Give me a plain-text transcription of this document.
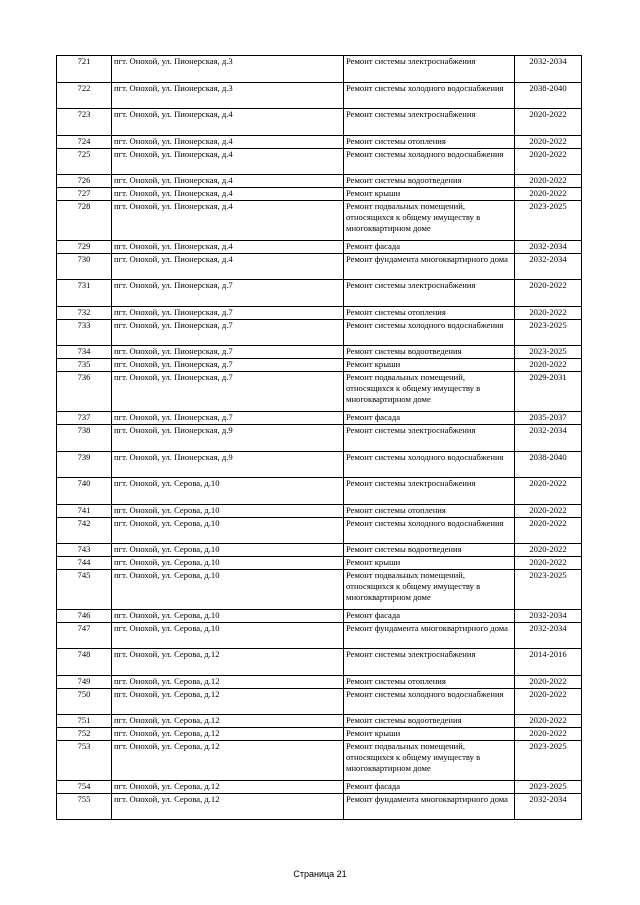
721	пгт. Онохой, ул. Пионерская, д.3	Ремонт системы электроснабжения	2032-2034
722	пгт. Онохой, ул. Пионерская, д.3	Ремонт системы холодного водоснабжения	2038-2040
723	пгт. Онохой, ул. Пионерская, д.4	Ремонт системы электроснабжения	2020-2022
724	пгт. Онохой, ул. Пионерская, д.4	Ремонт системы отопления	2020-2022
725	пгт. Онохой, ул. Пионерская, д.4	Ремонт системы холодного водоснабжения	2020-2022
726	пгт. Онохой, ул. Пионерская, д.4	Ремонт системы водоотведения	2020-2022
727	пгт. Онохой, ул. Пионерская, д.4	Ремонт крыши	2020-2022
728	пгт. Онохой, ул. Пионерская, д.4	Ремонт подвальных помещений, относящихся к общему имуществу в многоквартирном доме	2023-2025
729	пгт. Онохой, ул. Пионерская, д.4	Ремонт фасада	2032-2034
730	пгт. Онохой, ул. Пионерская, д.4	Ремонт фундамента многоквартирного дома	2032-2034
731	пгт. Онохой, ул. Пионерская, д.7	Ремонт системы электроснабжения	2020-2022
732	пгт. Онохой, ул. Пионерская, д.7	Ремонт системы отопления	2020-2022
733	пгт. Онохой, ул. Пионерская, д.7	Ремонт системы холодного водоснабжения	2023-2025
734	пгт. Онохой, ул. Пионерская, д.7	Ремонт системы водоотведения	2023-2025
735	пгт. Онохой, ул. Пионерская, д.7	Ремонт крыши	2020-2022
736	пгт. Онохой, ул. Пионерская, д.7	Ремонт подвальных помещений, относящихся к общему имуществу в многоквартирном доме	2029-2031
737	пгт. Онохой, ул. Пионерская, д.7	Ремонт фасада	2035-2037
738	пгт. Онохой, ул. Пионерская, д.9	Ремонт системы электроснабжения	2032-2034
739	пгт. Онохой, ул. Пионерская, д.9	Ремонт системы холодного водоснабжения	2038-2040
740	пгт. Онохой, ул. Серова, д.10	Ремонт системы электроснабжения	2020-2022
741	пгт. Онохой, ул. Серова, д.10	Ремонт системы отопления	2020-2022
742	пгт. Онохой, ул. Серова, д.10	Ремонт системы холодного водоснабжения	2020-2022
743	пгт. Онохой, ул. Серова, д.10	Ремонт системы водоотведения	2020-2022
744	пгт. Онохой, ул. Серова, д.10	Ремонт крыши	2020-2022
745	пгт. Онохой, ул. Серова, д.10	Ремонт подвальных помещений, относящихся к общему имуществу в многоквартирном доме	2023-2025
746	пгт. Онохой, ул. Серова, д.10	Ремонт фасада	2032-2034
747	пгт. Онохой, ул. Серова, д.10	Ремонт фундамента многоквартирного дома	2032-2034
748	пгт. Онохой, ул. Серова, д.12	Ремонт системы электроснабжения	2014-2016
749	пгт. Онохой, ул. Серова, д.12	Ремонт системы отопления	2020-2022
750	пгт. Онохой, ул. Серова, д.12	Ремонт системы холодного водоснабжения	2020-2022
751	пгт. Онохой, ул. Серова, д.12	Ремонт системы водоотведения	2020-2022
752	пгт. Онохой, ул. Серова, д.12	Ремонт крыши	2020-2022
753	пгт. Онохой, ул. Серова, д.12	Ремонт подвальных помещений, относящихся к общему имуществу в многоквартирном доме	2023-2025
754	пгт. Онохой, ул. Серова, д.12	Ремонт фасада	2023-2025
755	пгт. Онохой, ул. Серова, д.12	Ремонт фундамента многоквартирного дома	2032-2034
Страница 21
